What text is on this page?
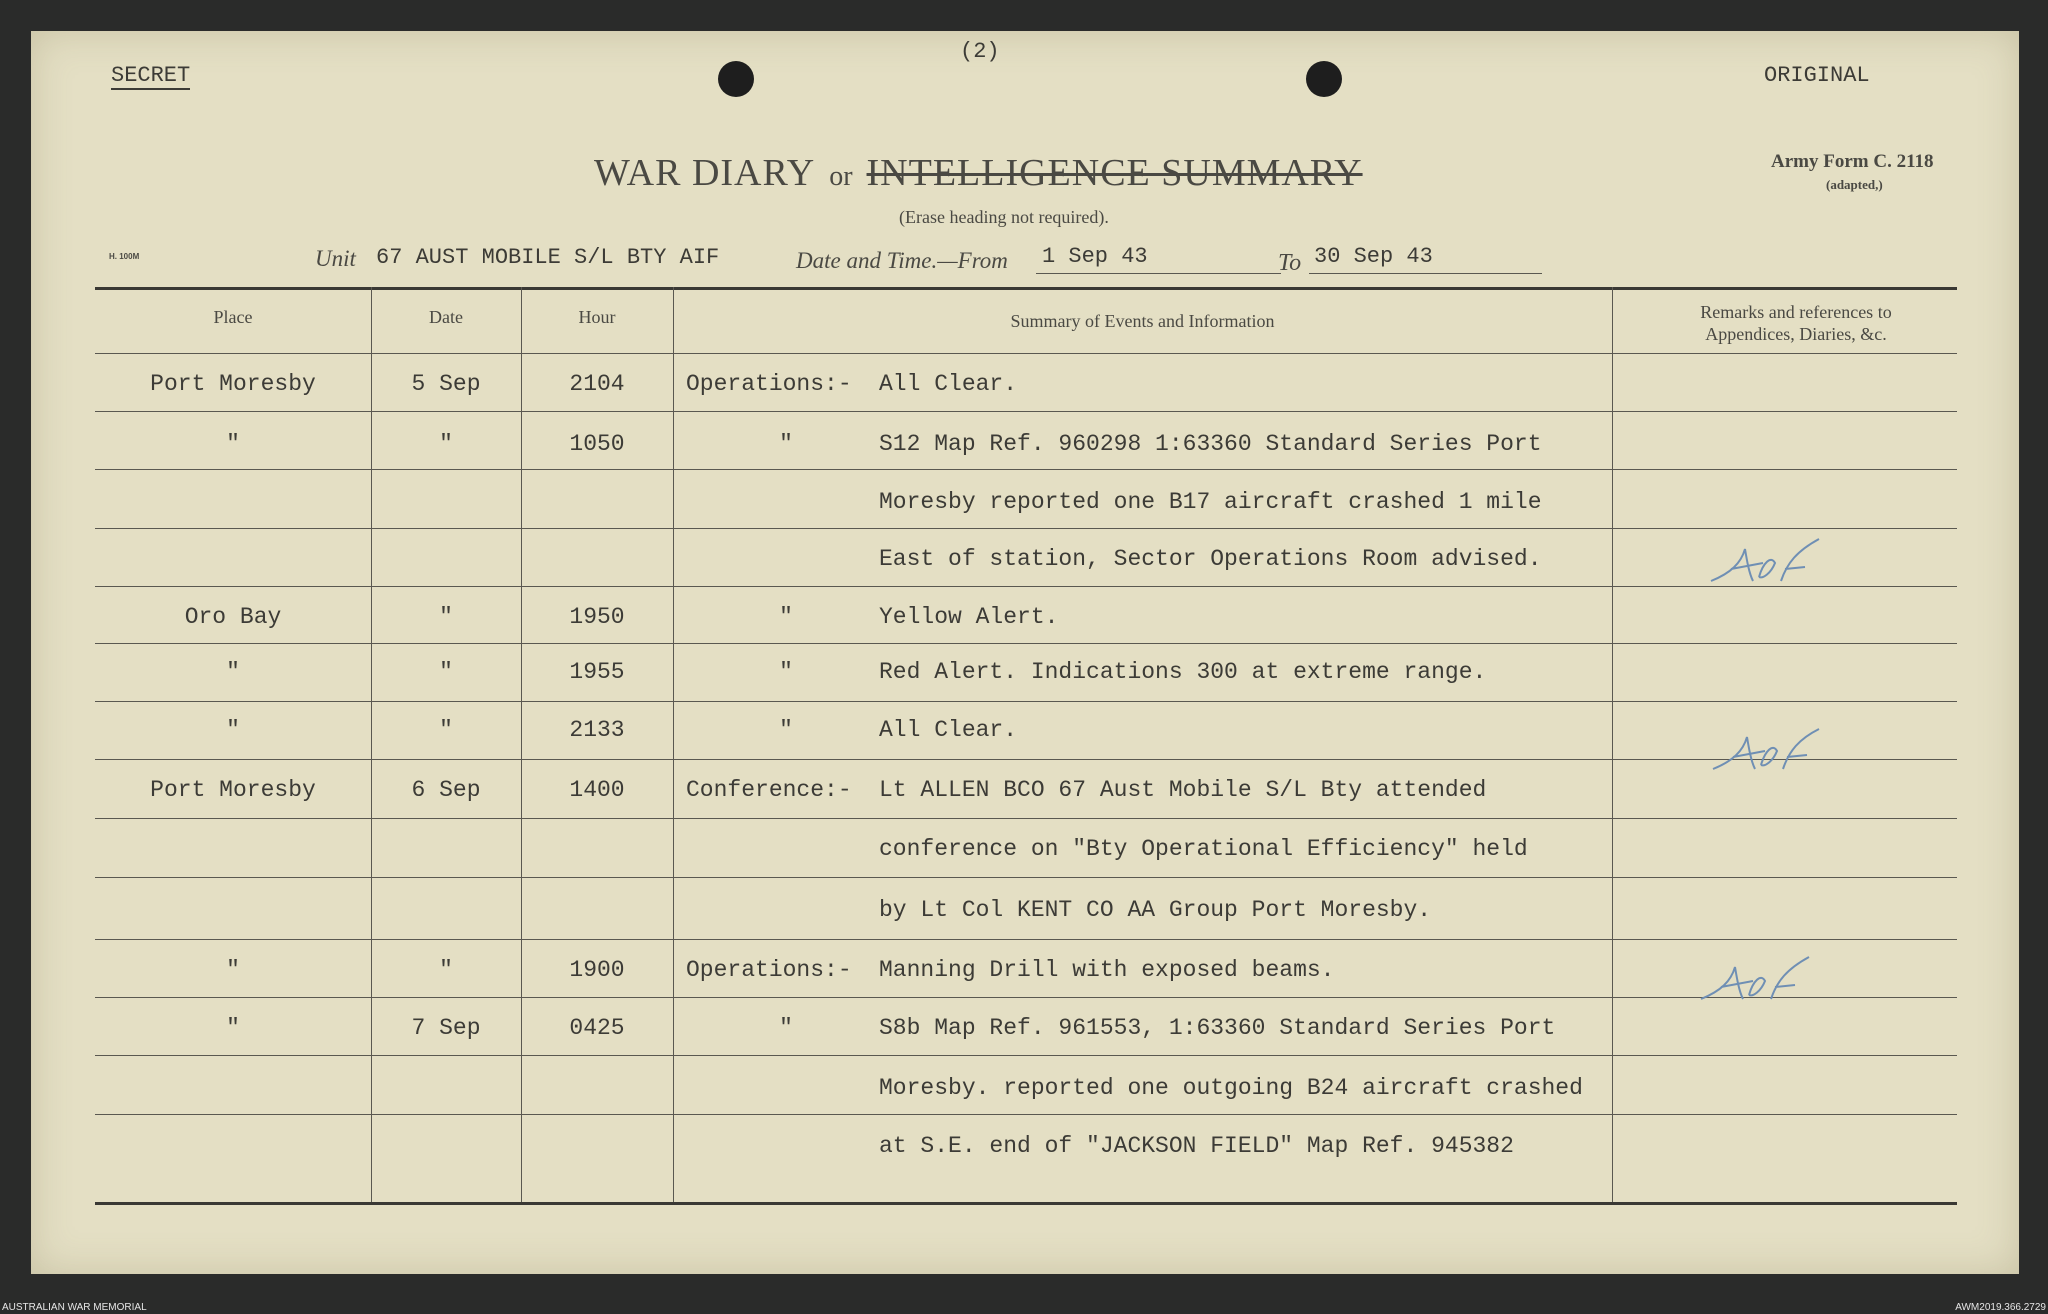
SECRET
(2)
ORIGINAL
WAR DIARY or INTELLIGENCE SUMMARY
(Erase heading not required).
Army Form C. 2118
(adapted,)
H. 100M	Unit 67 AUST MOBILE S/L BTY AIF	Date and Time.—From 1 Sep 43	To 30 Sep 43
Place	Date	Hour	Summary of Events and Information	Remarks and references to Appendices, Diaries, &c.
Port Moresby	5 Sep	2104	Operations:-	All Clear.
"	"	1050	"	S12 Map Ref. 960298 1:63360 Standard Series Port
Moresby reported one B17 aircraft crashed 1 mile
East of station, Sector Operations Room advised.
Oro Bay	"	1950	"	Yellow Alert.
"	"	1955	"	Red Alert. Indications 300 at extreme range.
"	"	2133	"	All Clear.
Port Moresby	6 Sep	1400	Conference:-	Lt ALLEN BCO 67 Aust Mobile S/L Bty attended
conference on "Bty Operational Efficiency" held
by Lt Col KENT CO AA Group Port Moresby.
"	"	1900	Operations:-	Manning Drill with exposed beams.
"	7 Sep	0425	"	S8b Map Ref. 961553, 1:63360 Standard Series Port
Moresby. reported one outgoing B24 aircraft crashed
at S.E. end of "JACKSON FIELD" Map Ref. 945382
AUSTRALIAN WAR MEMORIAL	AWM2019.366.2729
